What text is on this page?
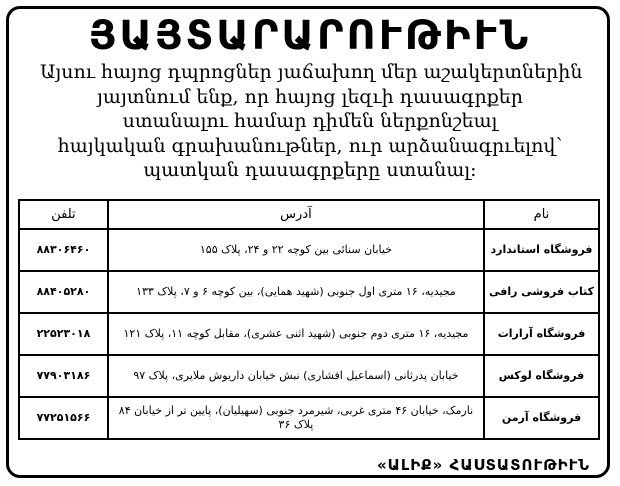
ՅԱՅՏԱՐԱՐՈՒԹԻՒՆ
Այսու հայոց դպրոցներ յաճախող մեր աշակերտներին
յայտնում ենք, որ հայոց լեզւի դասագրքեր
ստանալու համար դիմեն ներքոնշեալ
հայկական գրախանութներ, ուր արձանագրւելով՝
պատկան դասագրքերը ստանալ:
نام	آدرس	تلفن
فروشگاه استاندارد	خیابان سنائی بین کوچه ۲۲ و ۲۴، پلاک ۱۵۵	۸۸۳۰۶۴۶۰
کتاب فروشی رافی	مجیدیه، ۱۶ متری اول جنوبی (شهید همایی)، بین کوچه ۶ و ۷، پلاک ۱۳۳	۸۸۴۰۵۲۸۰
فروشگاه آرارات	مجیدیه، ۱۶ متری دوم جنوبی (شهید اثنی عشری)، مقابل کوچه ۱۱، پلاک ۱۲۱	۲۲۵۲۳۰۱۸
فروشگاه لوکس	خیابان پدرثانی (اسماعیل افشاری) نبش خیابان داریوش ملایری، پلاک ۹۷	۷۷۹۰۳۱۸۶
فروشگاه آرمن	نارمک، خیابان ۴۶ متری غربی، شیرمرد جنوبی (سهیلیان)، پایین تر از خیابان ۸۴ پلاک ۳۶	۷۷۲۵۱۵۶۶
«ԱԼԻՔ» ՀԱՍՏԱՏՈՒԹԻՒՆ
